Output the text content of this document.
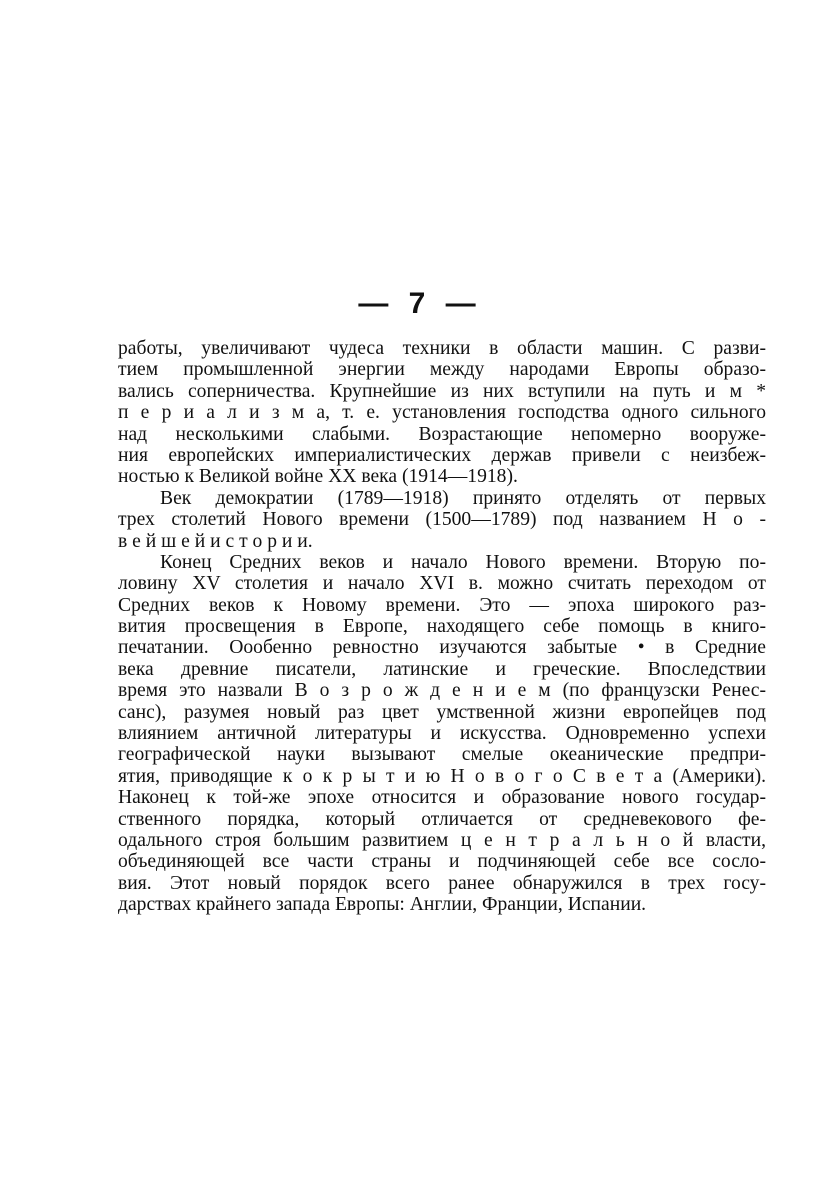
— 7 —
работы, увеличивают чудеса техники в области машин. С разви-
тием промышленной энергии между народами Европы образо-
вались соперничества. Крупнейшие из них вступили на путь и м *
п е р и а л и з м а, т. е. установления господства одного сильного
над несколькими слабыми. Возрастающие непомерно вооруже-
ния европейских империалистических держав привели с неизбеж-
ностью к Великой войне XX века (1914—1918).
Век демократии (1789—1918) принято отделять от первых
трех столетий Нового времени (1500—1789) под названием Н о -
в е й ш е й и с т о р и и.
Конец Средних веков и начало Нового времени. Вторую по-
ловину XV столетия и начало XVI в. можно считать переходом от
Средних веков к Новому времени. Это — эпоха широкого раз-
вития просвещения в Европе, находящего себе помощь в книго-
печатании. Оообенно ревностно изучаются забытые • в Средние
века древние писатели, латинские и греческие. Впоследствии
время это назвали В о з р о ж д е н и е м (по французски Ренес-
санс), разумея новый раз цвет умственной жизни европейцев под
влиянием античной литературы и искусства. Одновременно успехи
географической науки вызывают смелые океанические предпри-
ятия, приводящие к о к р ы т и ю Н о в о г о С в е т а (Америки).
Наконец к той-же эпохе относится и образование нового государ-
ственного порядка, который отличается от средневекового фе-
одального строя большим развитием ц е н т р а л ь н о й власти,
объединяющей все части страны и подчиняющей себе все сосло-
вия. Этот новый порядок всего ранее обнаружился в трех госу-
дарствах крайнего запада Европы: Англии, Франции, Испании.
